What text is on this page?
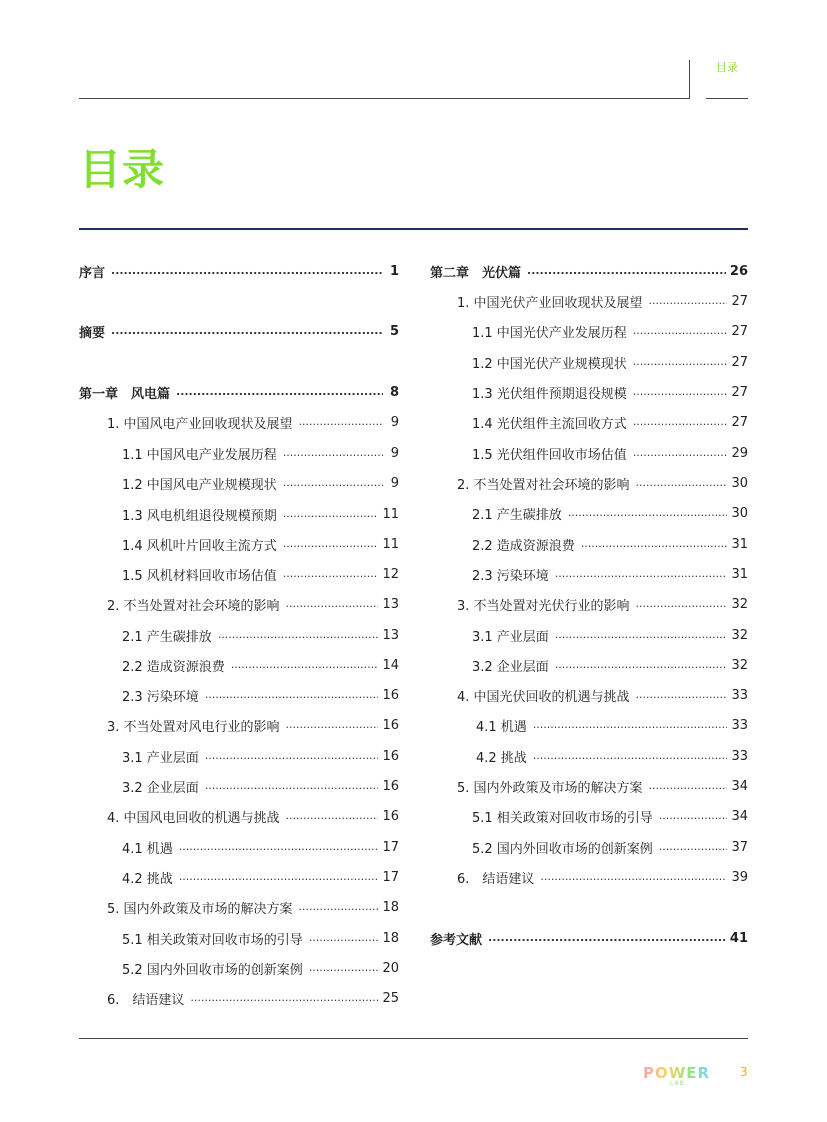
目录
目录
序言 .....	1
摘要 .....	5
第一章　风电篇 .....	8
1. 中国风电产业回收现状及展望 .....	9
1.1 中国风电产业发展历程 .....	9
1.2 中国风电产业规模现状 .....	9
1.3 风电机组退役规模预期 .....	11
1.4 风机叶片回收主流方式 .....	11
1.5 风机材料回收市场估值 .....	12
2. 不当处置对社会环境的影响 .....	13
2.1 产生碳排放 .....	13
2.2 造成资源浪费 .....	14
2.3 污染环境 .....	16
3. 不当处置对风电行业的影响 .....	16
3.1 产业层面 .....	16
3.2 企业层面 .....	16
4. 中国风电回收的机遇与挑战 .....	16
4.1 机遇 .....	17
4.2 挑战 .....	17
5. 国内外政策及市场的解决方案 .....	18
5.1 相关政策对回收市场的引导 .....	18
5.2 国内外回收市场的创新案例 .....	20
6.　结语建议 .....	25
第二章　光伏篇 .....	26
1. 中国光伏产业回收现状及展望 .....	27
1.1 中国光伏产业发展历程 .....	27
1.2 中国光伏产业规模现状 .....	27
1.3 光伏组件预期退役规模 .....	27
1.4 光伏组件主流回收方式 .....	27
1.5 光伏组件回收市场估值 .....	29
2. 不当处置对社会环境的影响 .....	30
2.1 产生碳排放 .....	30
2.2 造成资源浪费 .....	31
2.3 污染环境 .....	31
3. 不当处置对光伏行业的影响 .....	32
3.1 产业层面 .....	32
3.2 企业层面 .....	32
4. 中国光伏回收的机遇与挑战 .....	33
4.1 机遇 .....	33
4.2 挑战 .....	33
5. 国内外政策及市场的解决方案 .....	34
5.1 相关政策对回收市场的引导 .....	34
5.2 国内外回收市场的创新案例 .....	37
6.　结语建议 .....	39
参考文献 .....	41
POWER
LAB
3
